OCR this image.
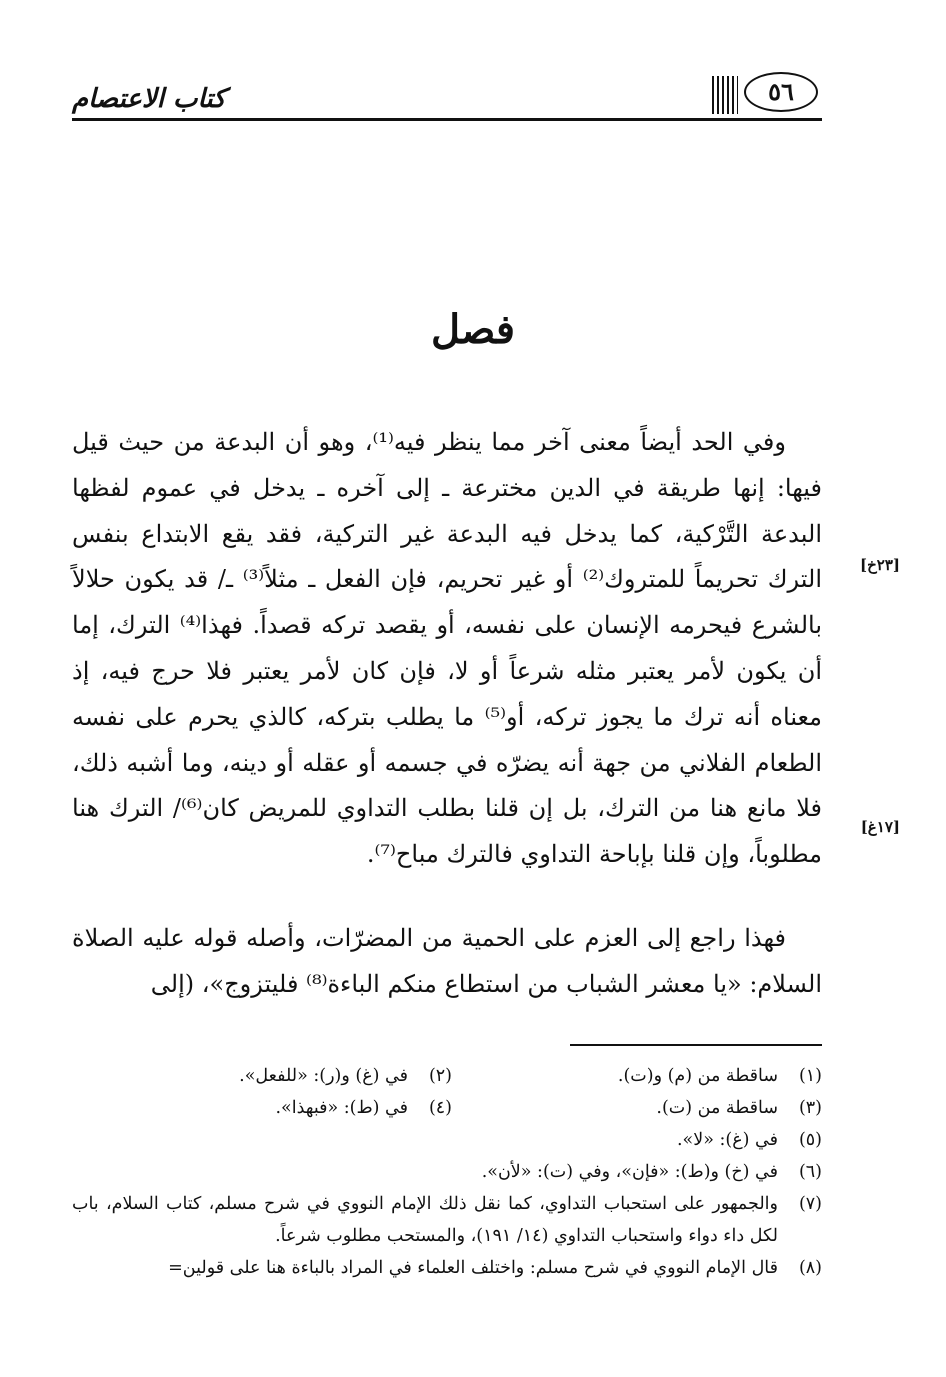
كتاب الاعتصام	٥٦
فصل
[٢٣خ]
[١٧غ]

وفي الحد أيضاً معنى آخر مما ينظر فيه⁽¹⁾، وهو أن البدعة من حيث قيل فيها: إنها طريقة في الدين مخترعة ـ إلى آخره ـ يدخل في عموم لفظها البدعة التَّرْكية، كما يدخل فيه البدعة غير التركية، فقد يقع الابتداع بنفس الترك تحريماً للمتروك⁽²⁾ أو غير تحريم، فإن الفعل ـ مثلاً⁽³⁾ ـ/ قد يكون حلالاً بالشرع فيحرمه الإنسان على نفسه، أو يقصد تركه قصداً. فهذا⁽⁴⁾ الترك، إما أن يكون لأمر يعتبر مثله شرعاً أو لا، فإن كان لأمر يعتبر فلا حرج فيه، إذ معناه أنه ترك ما يجوز تركه، أو⁽⁵⁾ ما يطلب بتركه، كالذي يحرم على نفسه الطعام الفلاني من جهة أنه يضرّه في جسمه أو عقله أو دينه، وما أشبه ذلك، فلا مانع هنا من الترك، بل إن قلنا بطلب التداوي للمريض كان⁽⁶⁾/ الترك هنا مطلوباً، وإن قلنا بإباحة التداوي فالترك مباح⁽⁷⁾.

فهذا راجع إلى العزم على الحمية من المضرّات، وأصله قوله عليه الصلاة السلام: «يا معشر الشباب من استطاع منكم الباءة⁽⁸⁾ فليتزوج»، (إلى

(١)
ساقطة من (م) و(ت).
(٢)
في (غ) و(ر): «للفعل».
(٣)
ساقطة من (ت).
(٤)
في (ط): «فبهذا».
(٥)
في (غ): «لا».
(٦)
في (خ) و(ط): «فإن»، وفي (ت): «لأن».
(٧)
والجمهور على استحباب التداوي، كما نقل ذلك الإمام النووي في شرح مسلم، كتاب السلام، باب لكل داء دواء واستحباب التداوي (١٤/ ١٩١)، والمستحب مطلوب شرعاً.
(٨)
قال الإمام النووي في شرح مسلم: واختلف العلماء في المراد بالباءة هنا على قولين=
